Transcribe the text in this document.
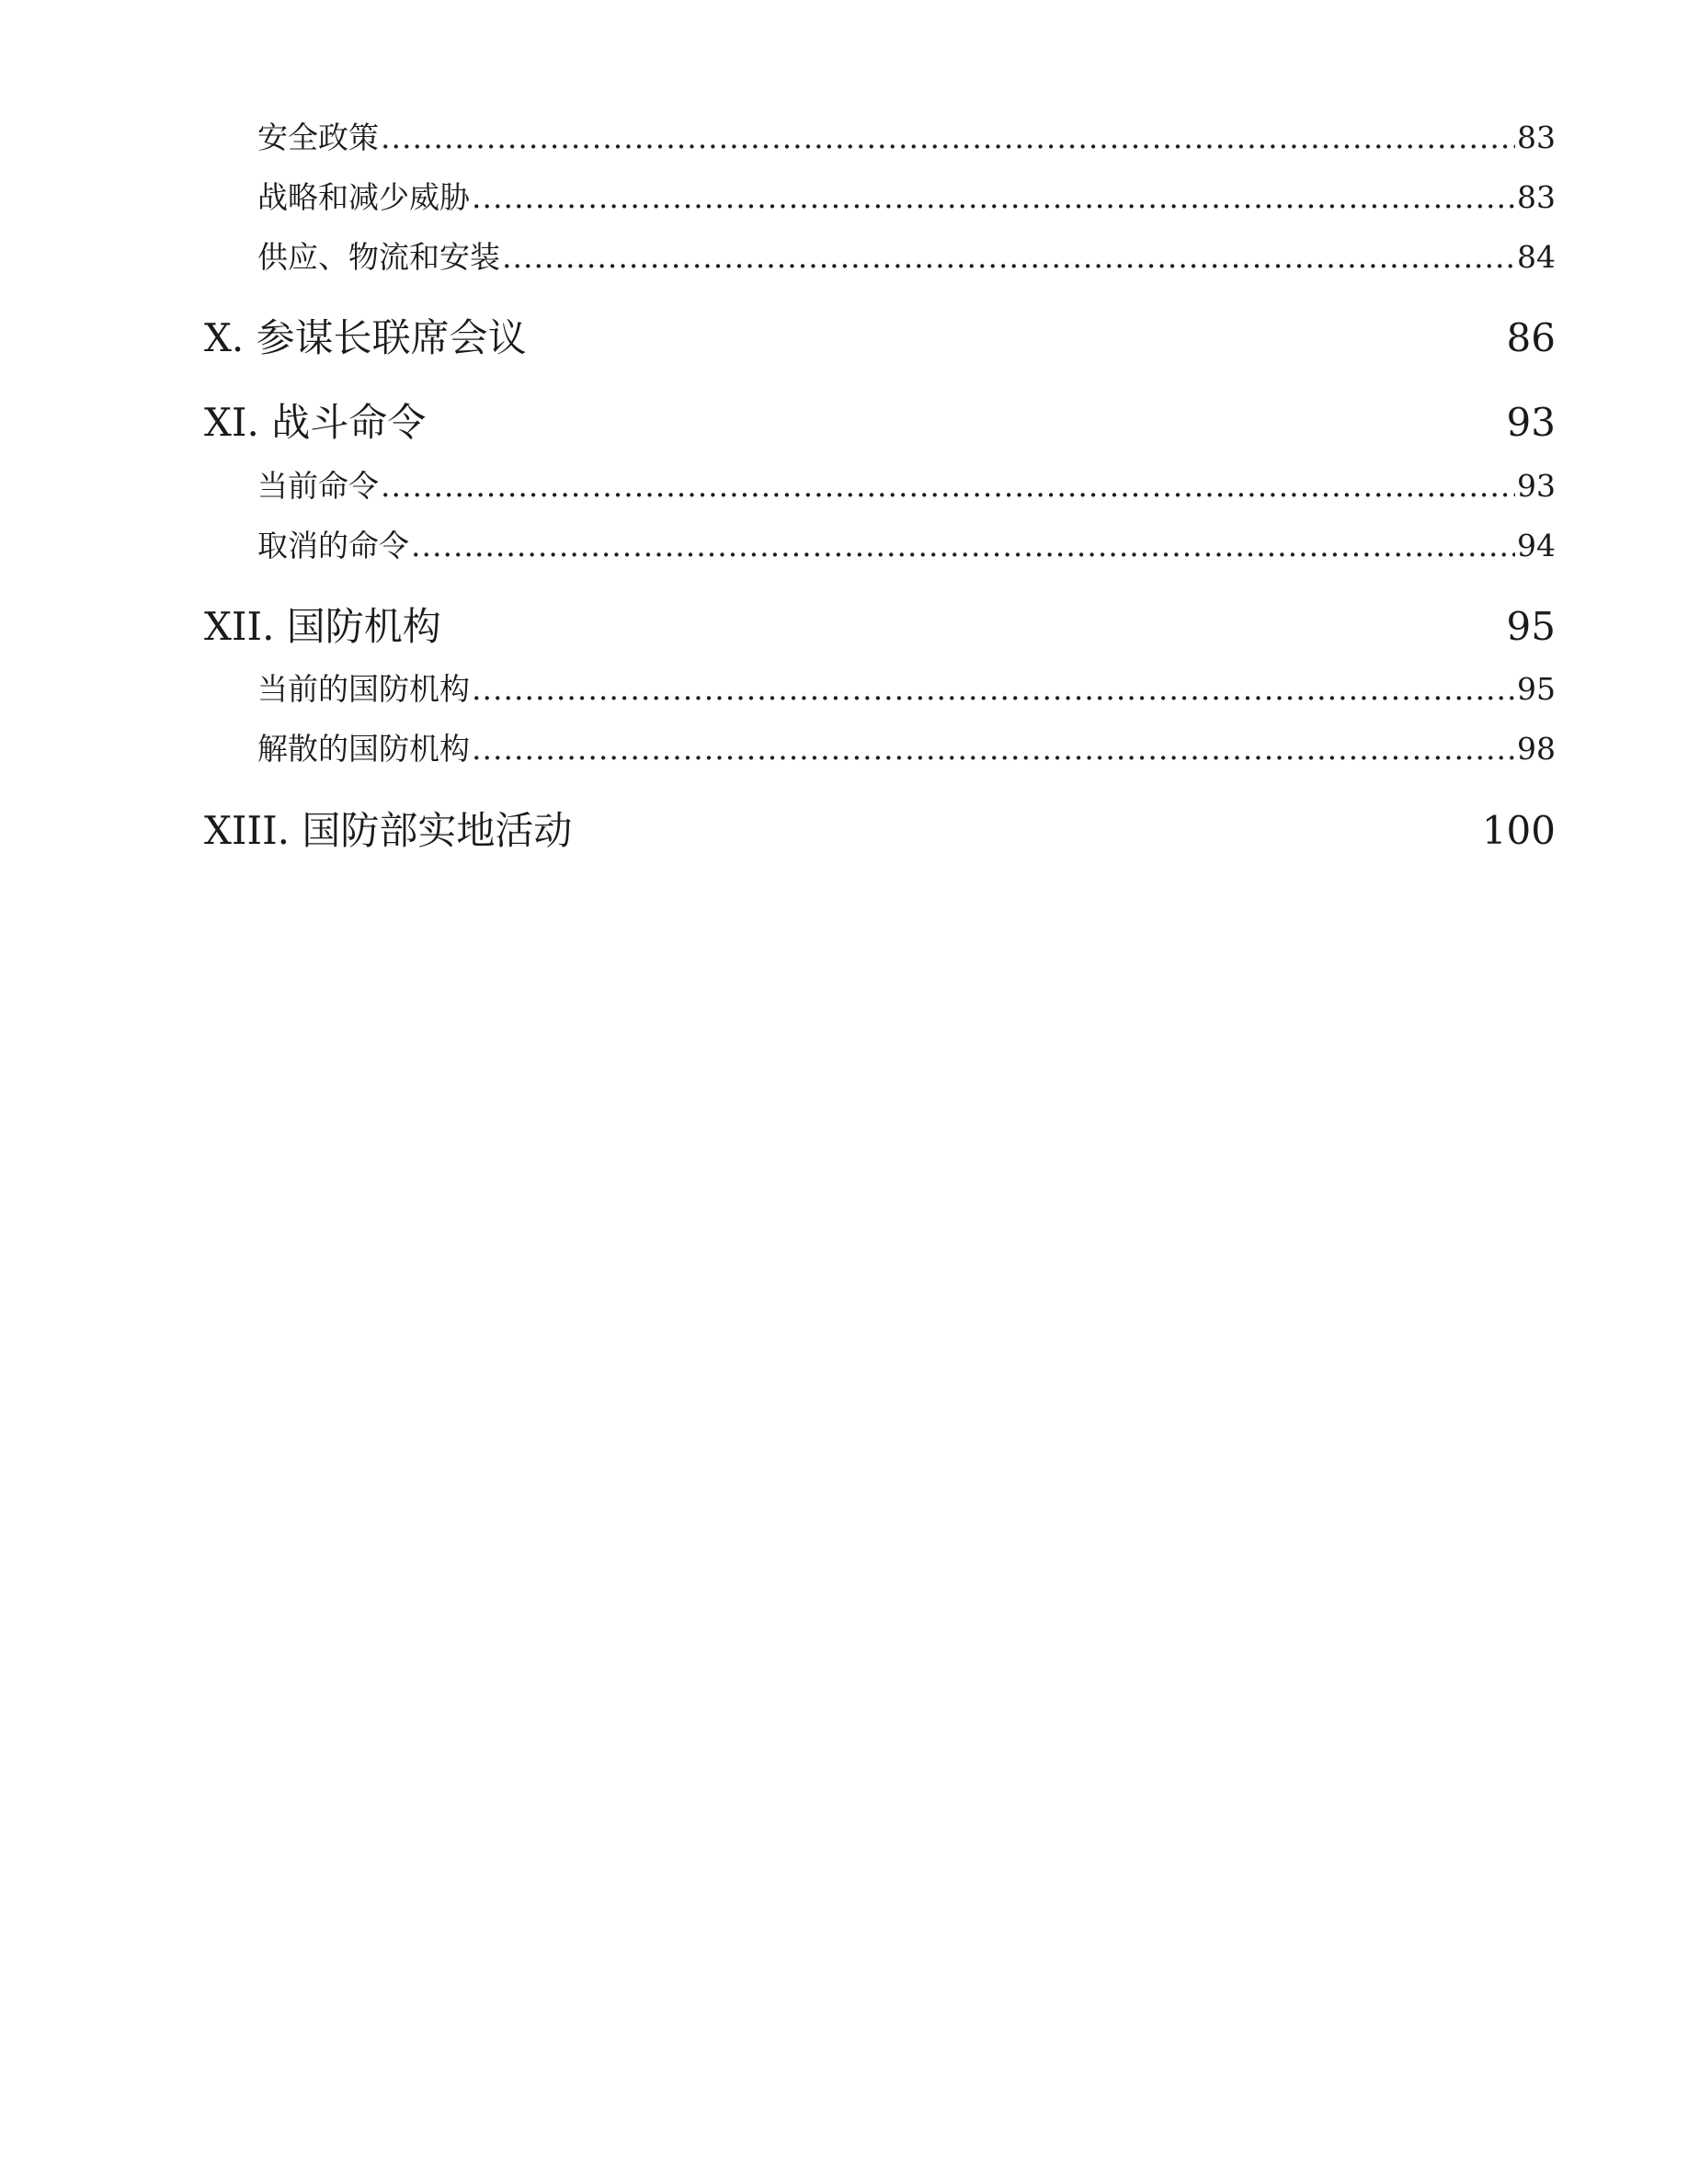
安全政策 .....	83
战略和减少威胁 .....	83
供应、物流和安装 .....	84
X. 参谋长联席会议	86
XI. 战斗命令	93
当前命令 .....	93
取消的命令 .....	94
XII. 国防机构	95
当前的国防机构 .....	95
解散的国防机构 .....	98
XIII. 国防部实地活动	100
